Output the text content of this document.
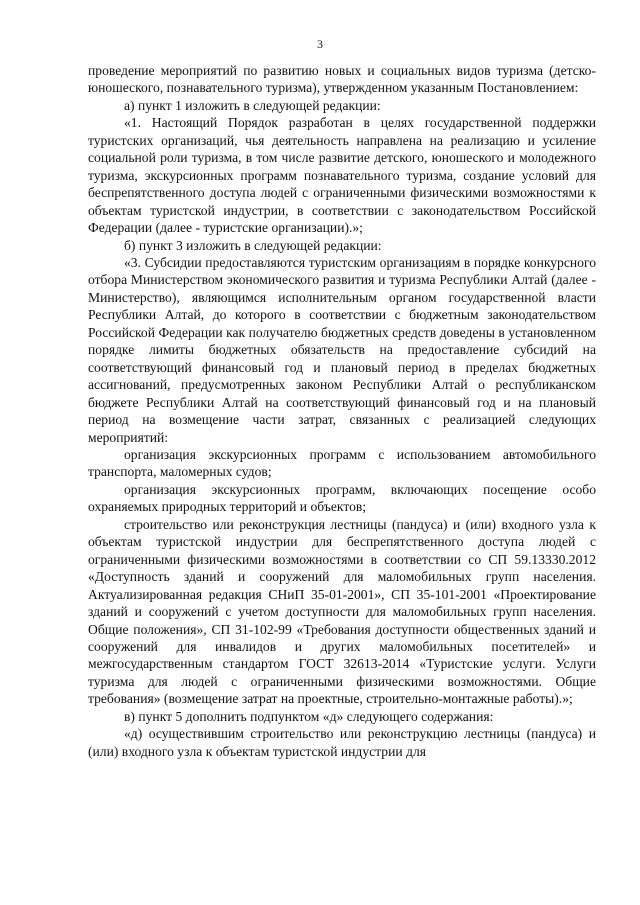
3

проведение мероприятий по развитию новых и социальных видов туризма (детско-юношеского, познавательного туризма), утвержденном указанным Постановлением:

а) пункт 1 изложить в следующей редакции:

«1. Настоящий Порядок разработан в целях государственной поддержки туристских организаций, чья деятельность направлена на реализацию и усиление социальной роли туризма, в том числе развитие детского, юношеского и молодежного туризма, экскурсионных программ познавательного туризма, создание условий для беспрепятственного доступа людей с ограниченными физическими возможностями к объектам туристской индустрии, в соответствии с законодательством Российской Федерации (далее - туристские организации).»;

б) пункт 3 изложить в следующей редакции:

«3. Субсидии предоставляются туристским организациям в порядке конкурсного отбора Министерством экономического развития и туризма Республики Алтай (далее - Министерство), являющимся исполнительным органом государственной власти Республики Алтай, до которого в соответствии с бюджетным законодательством Российской Федерации как получателю бюджетных средств доведены в установленном порядке лимиты бюджетных обязательств на предоставление субсидий на соответствующий финансовый год и плановый период в пределах бюджетных ассигнований, предусмотренных законом Республики Алтай о республиканском бюджете Республики Алтай на соответствующий финансовый год и на плановый период на возмещение части затрат, связанных с реализацией следующих мероприятий:

организация экскурсионных программ с использованием автомобильного транспорта, маломерных судов;

организация экскурсионных программ, включающих посещение особо охраняемых природных территорий и объектов;

строительство или реконструкция лестницы (пандуса) и (или) входного узла к объектам туристской индустрии для беспрепятственного доступа людей с ограниченными физическими возможностями в соответствии со СП 59.13330.2012 «Доступность зданий и сооружений для маломобильных групп населения. Актуализированная редакция СНиП 35-01-2001», СП 35-101-2001 «Проектирование зданий и сооружений с учетом доступности для маломобильных групп населения. Общие положения», СП 31-102-99 «Требования доступности общественных зданий и сооружений для инвалидов и других маломобильных посетителей» и межгосударственным стандартом ГОСТ 32613-2014 «Туристские услуги. Услуги туризма для людей с ограниченными физическими возможностями. Общие требования» (возмещение затрат на проектные, строительно-монтажные работы).»;

в) пункт 5 дополнить подпунктом «д» следующего содержания:

«д) осуществившим строительство или реконструкцию лестницы (пандуса) и (или) входного узла к объектам туристской индустрии для
